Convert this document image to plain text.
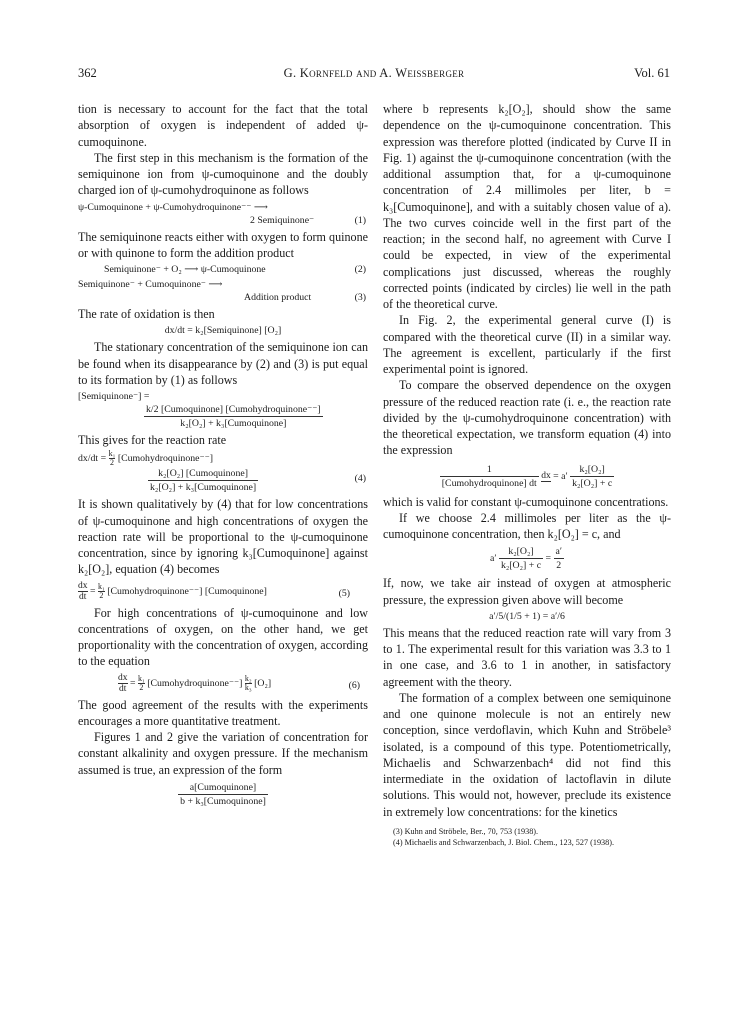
362	G. Kornfeld and A. Weissberger	Vol. 61

tion is necessary to account for the fact that the total absorption of oxygen is independent of added ψ-cumoquinone.

The first step in this mechanism is the formation of the semiquinone ion from ψ-cumoquinone and the doubly charged ion of ψ-cumohydroquinone as follows

ψ-Cumoquinone + ψ-Cumohydroquinone⁻⁻ ⟶
2 Semiquinone⁻	(1)

The semiquinone reacts either with oxygen to form quinone or with quinone to form the addition product

Semiquinone⁻ + O₂ ⟶ ψ-Cumoquinone	(2)
Semiquinone⁻ + Cumoquinone⁻ ⟶
Addition product	(3)

The rate of oxidation is then

dx/dt = k₂[Semiquinone] [O₂]

The stationary concentration of the semiquinone ion can be found when its disappearance by (2) and (3) is put equal to its formation by (1) as follows

[Semiquinone⁻] =
$\frac{\text{k/2 [Cumoquinone] [Cumohydroquinone⁻⁻]}}{\text{k₂[O₂] + k₃[Cumoquinone]}}$

This gives for the reaction rate

$dx/dt = \frac{\text{k₁}}{2}$ [Cumohydroquinone⁻⁻]
$\frac{\text{k₂[O₂] [Cumoquinone]}}{\text{k₂[O₂] + k₃[Cumoquinone]}}$	(4)

It is shown qualitatively by (4) that for low concentrations of ψ-cumoquinone and high concentrations of oxygen the reaction rate will be proportional to the ψ-cumoquinone concentration, since by ignoring k₃[Cumoquinone] against k₂[O₂], equation (4) becomes

$\frac{dx}{dt} = \frac{\text{k₁}}{2}$ [Cumohydroquinone⁻⁻] [Cumoquinone]	(5)

For high concentrations of ψ-cumoquinone and low concentrations of oxygen, on the other hand, we get proportionality with the concentration of oxygen, according to the equation

$\frac{dx}{dt} = \frac{\text{k₁}}{2}$ [Cumohydroquinone⁻⁻] $\frac{\text{k₂}}{\text{k₃}} [O_2]$	(6)

The good agreement of the results with the experiments encourages a more quantitative treatment.

Figures 1 and 2 give the variation of concentration for constant alkalinity and oxygen pressure. If the mechanism assumed is true, an expression of the form

$\frac{\text{a[Cumoquinone]}}{\text{b + k₃[Cumoquinone]}}$

where b represents k₂[O₂], should show the same dependence on the ψ-cumoquinone concentration. This expression was therefore plotted (indicated by Curve II in Fig. 1) against the ψ-cumoquinone concentration (with the additional assumption that, for a ψ-cumoquinone concentration of 2.4 millimoles per liter, b = k₃[Cumoquinone], and with a suitably chosen value of a). The two curves coincide well in the first part of the reaction; in the second half, no agreement with Curve I could be expected, in view of the experimental complications just discussed, whereas the roughly corrected points (indicated by circles) lie well in the path of the theoretical curve.

In Fig. 2, the experimental general curve (I) is compared with the theoretical curve (II) in a similar way. The agreement is excellent, particularly if the first experimental point is ignored.

To compare the observed dependence on the oxygen pressure of the reduced reaction rate (i. e., the reaction rate divided by the ψ-cumohydroquinone concentration) with the theoretical expectation, we transform equation (4) into the expression

$\frac{1}{\text{[Cumohydroquinone] dt}}$
dx = $a' \frac{\text{k₂[O₂]}}{\text{k₂[O₂] + c}}$

which is valid for constant ψ-cumoquinone concentrations.

If we choose 2.4 millimoles per liter as the ψ-cumoquinone concentration, then k₂[O₂] = c, and

$a' \frac{\text{k₂[O₂]}}{\text{k₂[O₂] + c}} = \frac{a'}{2}$

If, now, we take air instead of oxygen at atmospheric pressure, the expression given above will become

a′/5/(1/5 + 1) = a′/6

This means that the reduced reaction rate will vary from 3 to 1. The experimental result for this variation was 3.3 to 1 in one case, and 3.6 to 1 in another, in satisfactory agreement with the theory.

The formation of a complex between one semiquinone and one quinone molecule is not an entirely new conception, since verdoflavin, which Kuhn and Ströbele³ isolated, is a compound of this type. Potentiometrically, Michaelis and Schwarzenbach⁴ did not find this intermediate in the oxidation of lactoflavin in dilute solutions. This would not, however, preclude its existence in extremely low concentrations: for the kinetics

(3) Kuhn and Ströbele, Ber., 70, 753 (1938).
(4) Michaelis and Schwarzenbach, J. Biol. Chem., 123, 527 (1938).
